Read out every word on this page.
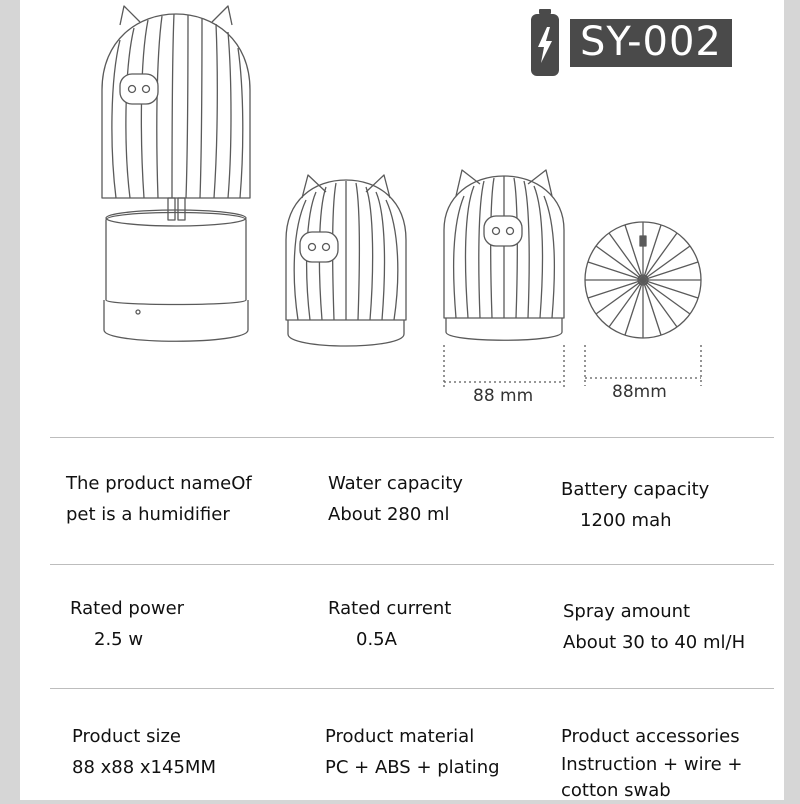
88 mm	88mm
SY-002
The product nameOf
pet is a humidifier
Water capacity
About 280 ml
Battery capacity
1200 mah
Rated power
2.5 w
Rated current
0.5A
Spray amount
About 30 to 40 ml/H
Product size
88 x88 x145MM
Product material
PC + ABS + plating
Product accessories
Instruction + wire +
cotton swab
